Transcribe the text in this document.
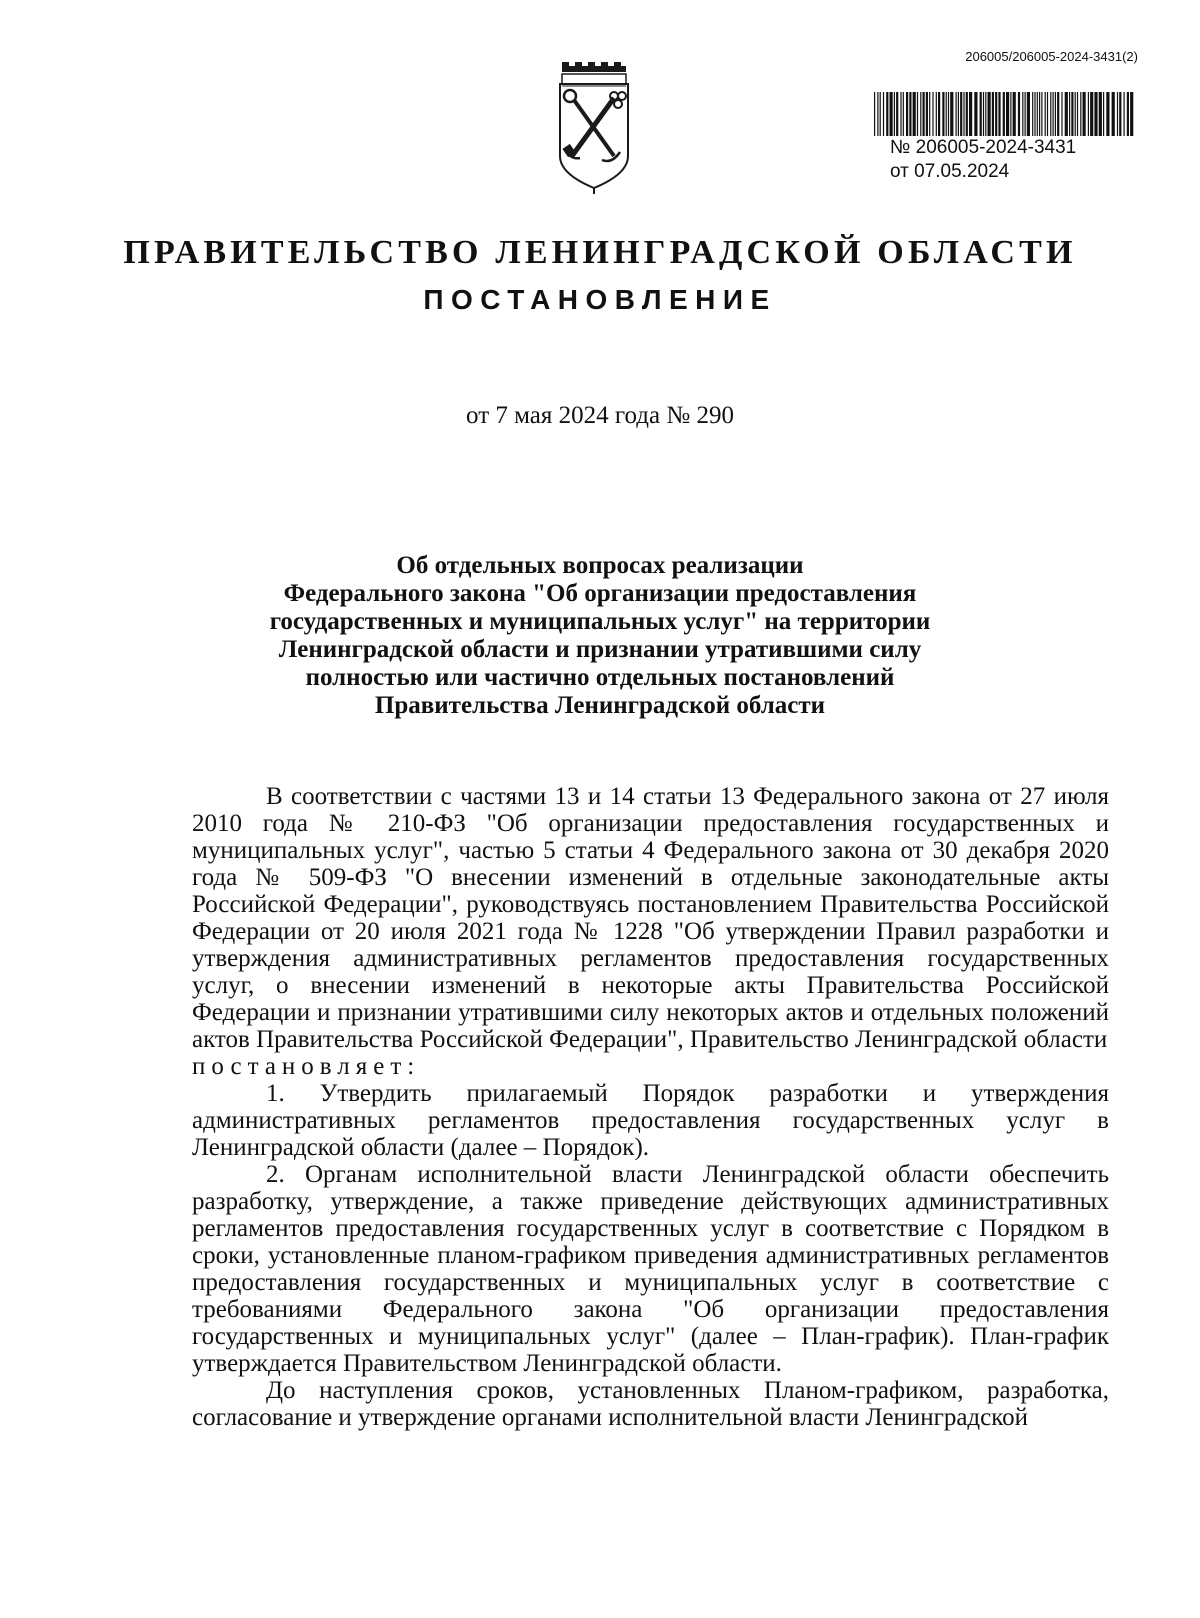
206005/206005-2024-3431(2)
№ 206005-2024-3431
от 07.05.2024
ПРАВИТЕЛЬСТВО ЛЕНИНГРАДСКОЙ ОБЛАСТИ
ПОСТАНОВЛЕНИЕ
от 7 мая 2024 года № 290
Об отдельных вопросах реализации
Федерального закона "Об организации предоставления
государственных и муниципальных услуг" на территории
Ленинградской области и признании утратившими силу
полностью или частично отдельных постановлений
Правительства Ленинградской области

В соответствии с частями 13 и 14 статьи 13 Федерального закона от 27 июля 2010 года № 210-ФЗ "Об организации предоставления государственных и муниципальных услуг", частью 5 статьи 4 Федерального закона от 30 декабря 2020 года № 509-ФЗ "О внесении изменений в отдельные законодательные акты Российской Федерации", руководствуясь постановлением Правительства Российской Федерации от 20 июля 2021 года № 1228 "Об утверждении Правил разработки и утверждения административных регламентов предоставления государственных услуг, о внесении изменений в некоторые акты Правительства Российской Федерации и признании утратившими силу некоторых актов и отдельных положений актов Правительства Российской Федерации", Правительство Ленинградской области

постановляет:

1. Утвердить прилагаемый Порядок разработки и утверждения административных регламентов предоставления государственных услуг в Ленинградской области (далее – Порядок).

2. Органам исполнительной власти Ленинградской области обеспечить разработку, утверждение, а также приведение действующих административных регламентов предоставления государственных услуг в соответствие с Порядком в сроки, установленные планом-графиком приведения административных регламентов предоставления государственных и муниципальных услуг в соответствие с требованиями Федерального закона "Об организации предоставления государственных и муниципальных услуг" (далее – План-график). План-график утверждается Правительством Ленинградской области.

До наступления сроков, установленных Планом-графиком, разработка, согласование и утверждение органами исполнительной власти Ленинградской
